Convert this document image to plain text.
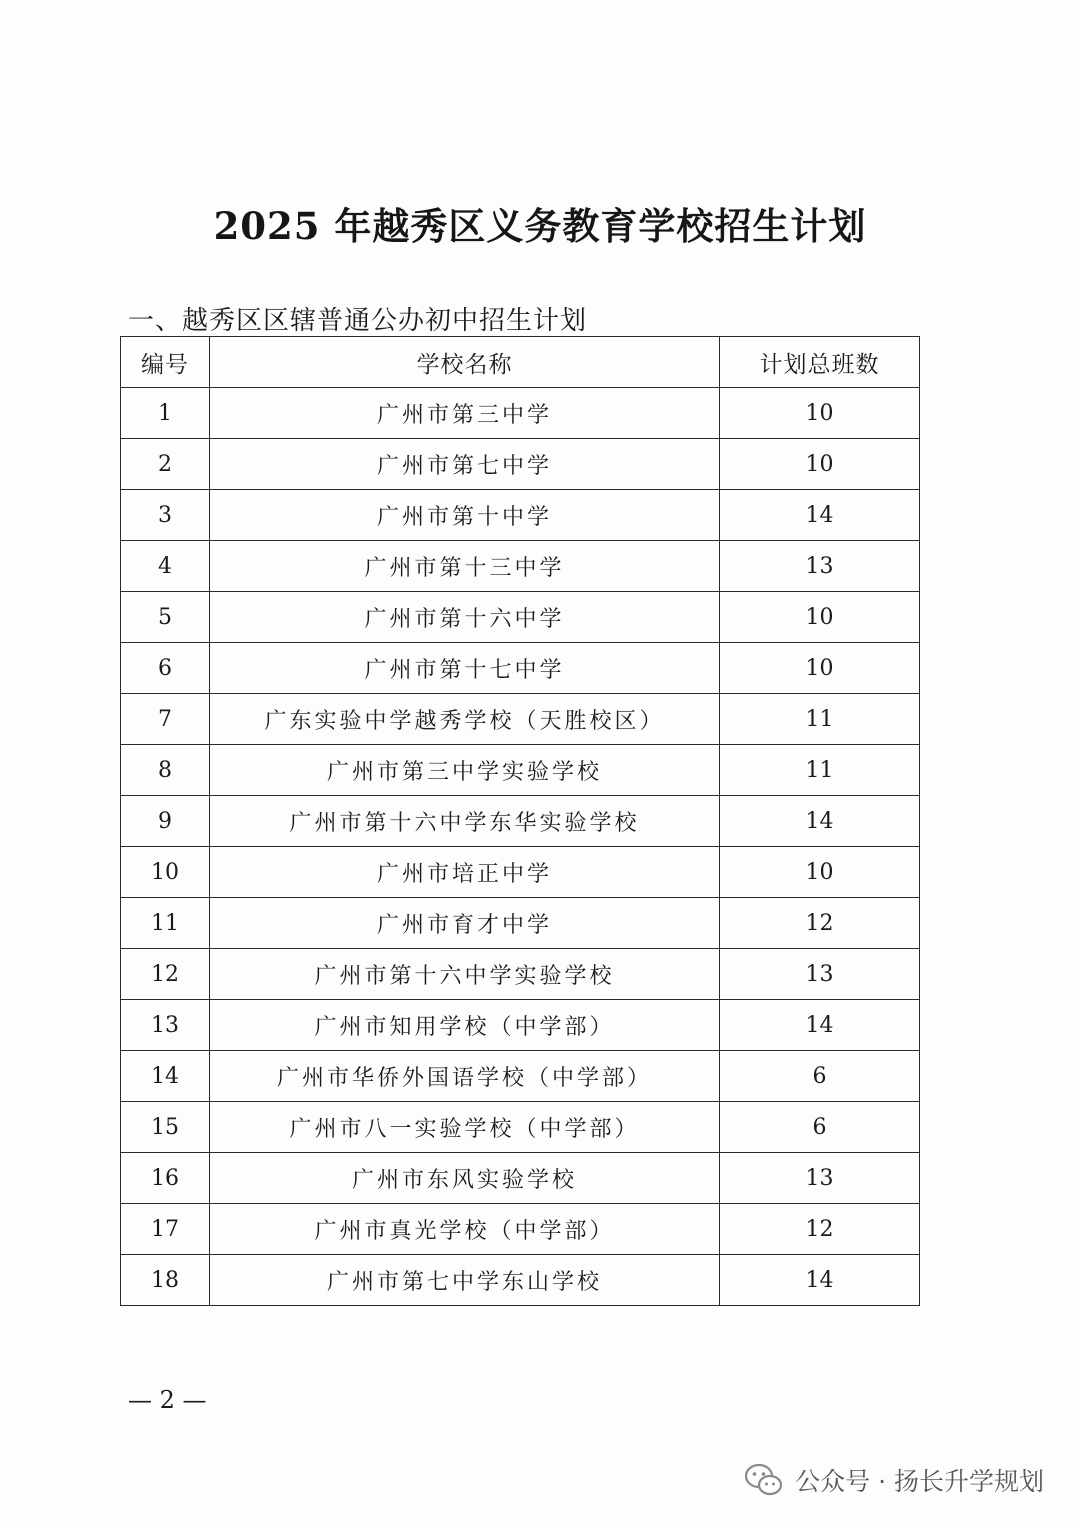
2025 年越秀区义务教育学校招生计划
一、越秀区区辖普通公办初中招生计划
编号	学校名称	计划总班数
1	广州市第三中学	10
2	广州市第七中学	10
3	广州市第十中学	14
4	广州市第十三中学	13
5	广州市第十六中学	10
6	广州市第十七中学	10
7	广东实验中学越秀学校（天胜校区）	11
8	广州市第三中学实验学校	11
9	广州市第十六中学东华实验学校	14
10	广州市培正中学	10
11	广州市育才中学	12
12	广州市第十六中学实验学校	13
13	广州市知用学校（中学部）	14
14	广州市华侨外国语学校（中学部）	6
15	广州市八一实验学校（中学部）	6
16	广州市东风实验学校	13
17	广州市真光学校（中学部）	12
18	广州市第七中学东山学校	14
— 2 —
公众号 · 扬长升学规划
